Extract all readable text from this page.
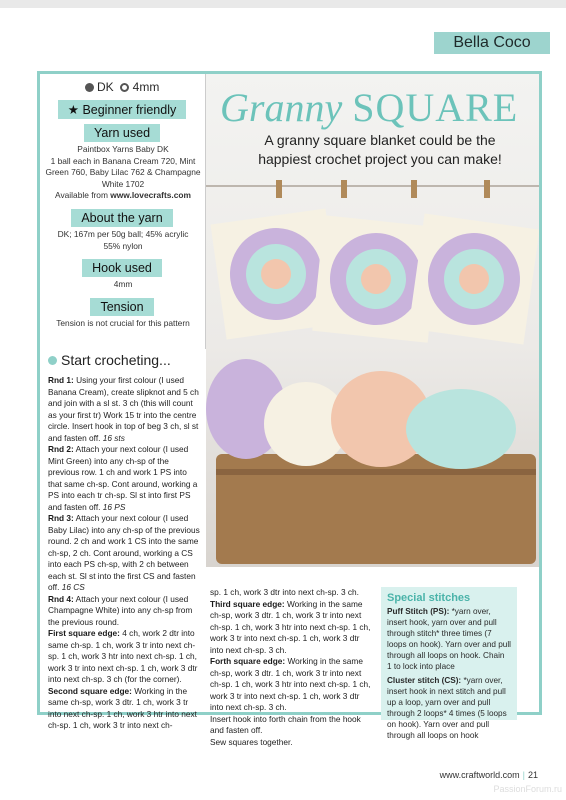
Bella Coco
DK 4mm
★ Beginner friendly
Yarn used
Paintbox Yarns Baby DK
1 ball each in Banana Cream 720, Mint
Green 760, Baby Lilac 762 & Champagne
White 1702
Available from www.lovecrafts.com
About the yarn
DK; 167m per 50g ball; 45% acrylic
55% nylon
Hook used
4mm
Tension
Tension is not crucial for this pattern
Granny SQUARE
A granny square blanket could be the
happiest crochet project you can make!
Start crocheting...
Rnd 1: Using your first colour (I used Banana Cream), create slipknot and 5 ch and join with a sl st. 3 ch (this will count as your first tr) Work 15 tr into the centre circle. Insert hook in top of beg 3 ch, sl st and fasten off. 16 sts
Rnd 2: Attach your next colour (I used Mint Green) into any ch-sp of the previous row. 1 ch and work 1 PS into that same ch-sp. Cont around, working a PS into each tr ch-sp. Sl st into first PS and fasten off. 16 PS
Rnd 3: Attach your next colour (I used Baby Lilac) into any ch-sp of the previous round. 2 ch and work 1 CS into the same ch-sp, 2 ch. Cont around, working a CS into each PS ch-sp, with 2 ch between each st. Sl st into the first CS and fasten off. 16 CS
Rnd 4: Attach your next colour (I used Champagne White) into any ch-sp from the previous round.
First square edge: 4 ch, work 2 dtr into same ch-sp. 1 ch, work 3 tr into next ch-sp. 1 ch, work 3 htr into next ch-sp. 1 ch, work 3 tr into next ch-sp. 1 ch, work 3 dtr into next ch-sp. 3 ch (for the corner).
Second square edge: Working in the same ch-sp, work 3 dtr. 1 ch, work 3 tr into next ch-sp. 1 ch, work 3 htr into next ch-sp. 1 ch, work 3 tr into next ch-
sp. 1 ch, work 3 dtr into next ch-sp. 3 ch.
Third square edge: Working in the same ch-sp, work 3 dtr. 1 ch, work 3 tr into next ch-sp. 1 ch, work 3 htr into next ch-sp. 1 ch, work 3 tr into next ch-sp. 1 ch, work 3 dtr into next ch-sp. 3 ch.
Forth square edge: Working in the same ch-sp, work 3 dtr. 1 ch, work 3 tr into next ch-sp. 1 ch, work 3 htr into next ch-sp. 1 ch, work 3 tr into next ch-sp. 1 ch, work 3 dtr into next ch-sp. 3 ch.
Insert hook into forth chain from the hook and fasten off.
Sew squares together.
Special stitches

Puff Stitch (PS): *yarn over, insert hook, yarn over and pull through stitch* three times (7 loops on hook). Yarn over and pull through all loops on hook. Chain 1 to lock into place

Cluster stitch (CS): *yarn over, insert hook in next stitch and pull up a loop, yarn over and pull through 2 loops* 4 times (5 loops on hook). Yarn over and pull through all loops on hook

www.craftworld.com | 21
PassionForum.ru
